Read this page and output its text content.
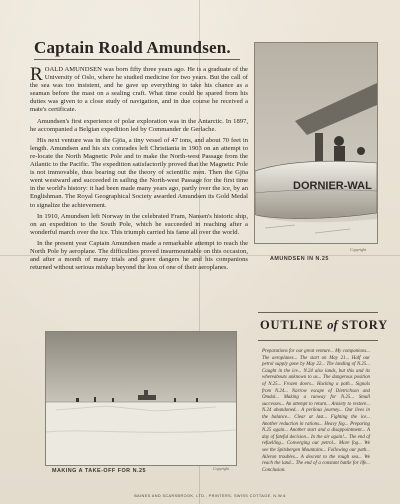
Captain Roald Amundsen.

ROALD AMUNDSEN was born fifty three years ago. He is a graduate of the University of Oslo, where he studied medicine for two years. But the call of the sea was too insistent, and he gave up everything to take his chance as a seaman before the mast on a sealing craft. What time could be spared from his duties was given to a close study of navigation, and in due course he received a mate's certificate.

Amundsen's first experience of polar exploration was in the Antarctic. In 1897, he accompanied a Belgian expedition led by Commander de Gerlache.

His next venture was in the Gjöa, a tiny vessel of 47 tons, and about 70 feet in length. Amundsen and his six comrades left Christiania in 1903 on an attempt to re-locate the North Magnetic Pole and to make the North-west Passage from the Atlantic to the Pacific. The expedition satisfactorily proved that the Magnetic Pole is not immovable, thus bearing out the theory of scientific men. Then the Gjöa went westward and succeeded in sailing the North-west Passage for the first time in the world's history: it had been made many years ago, partly over the ice, by an Englishman. The Royal Geographical Society awarded Amundsen its Gold Medal to signalize the achievement.

In 1910, Amundsen left Norway in the celebrated Fram, Nansen's historic ship, on an expedition to the South Pole, which he succeeded in reaching after a wonderful march over the ice. This triumph carried his fame all over the world.

In the present year Captain Amundsen made a remarkable attempt to reach the North Pole by aeroplane. The difficulties proved insurmountable on this occasion, and after a month of many trials and grave dangers he and his companions returned without serious mishap beyond the loss of one of their aeroplanes.

DORNIER-WAL
AMUNDSEN IN N.25
Copyright
MAKING A TAKE-OFF FOR N.25	Copyright
OUTLINE of STORY

Preparations for our great venture... My companions... The aeroplanes... The start on May 21... Half our petrol supply gone by May 22... The landing of N.25... Caught in the ice... N.24 also lands, but this and its whereabouts unknown to us... The dangerous position of N.25... Frozen doors... Hacking a path... Signals from N.24... Narrow escape of Dietrichson and Omdal... Making a runway for N.25... Small successes... An attempt to return... Anxiety to restore... N.24 abandoned... A perilous journey... Our lives in the balance... Clear at last... Fighting the ice... Another reduction in rations... Heavy fog... Preparing N.25 again... Another start and a disappointment... A day of fateful decision... In the air again!... The end of refuelling... Converging our petrol... More fog... We see the Spitsbergen Mountains... Following our path... Aileron troubles... A descent to the rough sea... We reach the land... The end of a constant battle for life... Conclusion.

BAINES AND SCARSBROOK, LTD., PRINTERS, SWISS COTTAGE, N.W.6
